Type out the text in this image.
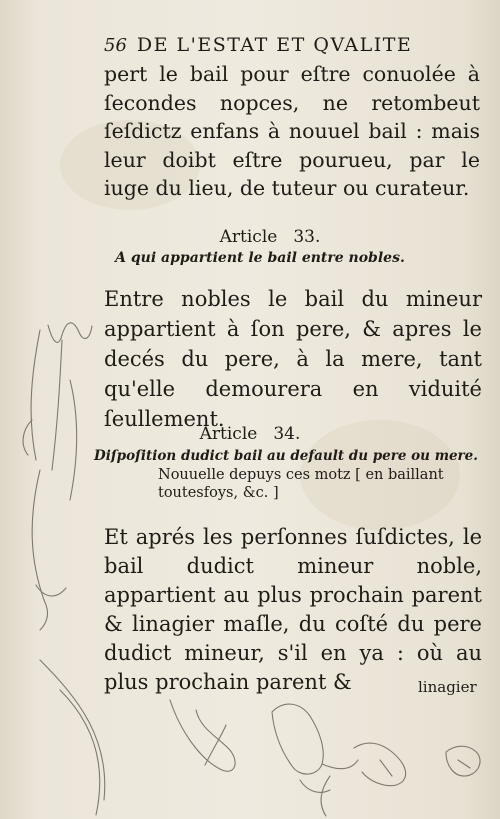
56 DE L'ESTAT ET QVALITE
pert le bail pour eſtre conuolée à ſecondes nopces, ne retombeut ſeſdictz enfans à nouuel bail : mais leur doibt eſtre pourueu, par le iuge du lieu, de tuteur ou curateur.
Article 33.
A qui appartient le bail entre nobles.
Entre nobles le bail du mineur appartient à ſon pere, & apres le decés du pere, à la mere, tant qu'elle demourera en viduité ſeullement.
Article 34.
Diſpoſition dudict bail au default du pere ou mere.
Nouuelle depuys ces motz [ en baillant toutesfoys, &c. ]
Et aprés les perſonnes ſuſdictes, le bail dudict mineur noble, appartient au plus prochain parent & linagier maſle, du coſté du pere dudict mineur, s'il en ya : où au plus prochain parent &	linagier
